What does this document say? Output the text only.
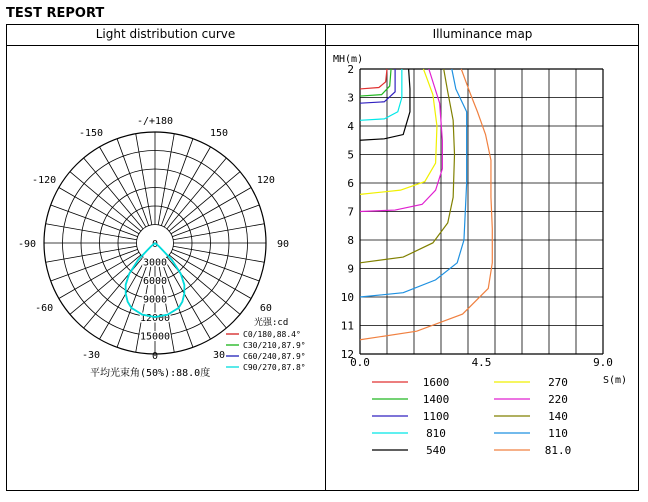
TEST REPORT
Light distribution curve	Illuminance map
-/+180
150
120
90
60
30
0
-30
-60
-90
-120
-150
0
3000
6000
9000
12000
15000
光强:cd
C0/180,88.4°
C30/210,87.9°
C60/240,87.9°
C90/270,87.8°
平均光束角(50%):88.0度
MH(m)
2
3
4
5
6
7
8
9
10
11
12
0.0	4.5	9.0
S(m)
1600
1400
1100
810
540
270
220
140
110
81.0
